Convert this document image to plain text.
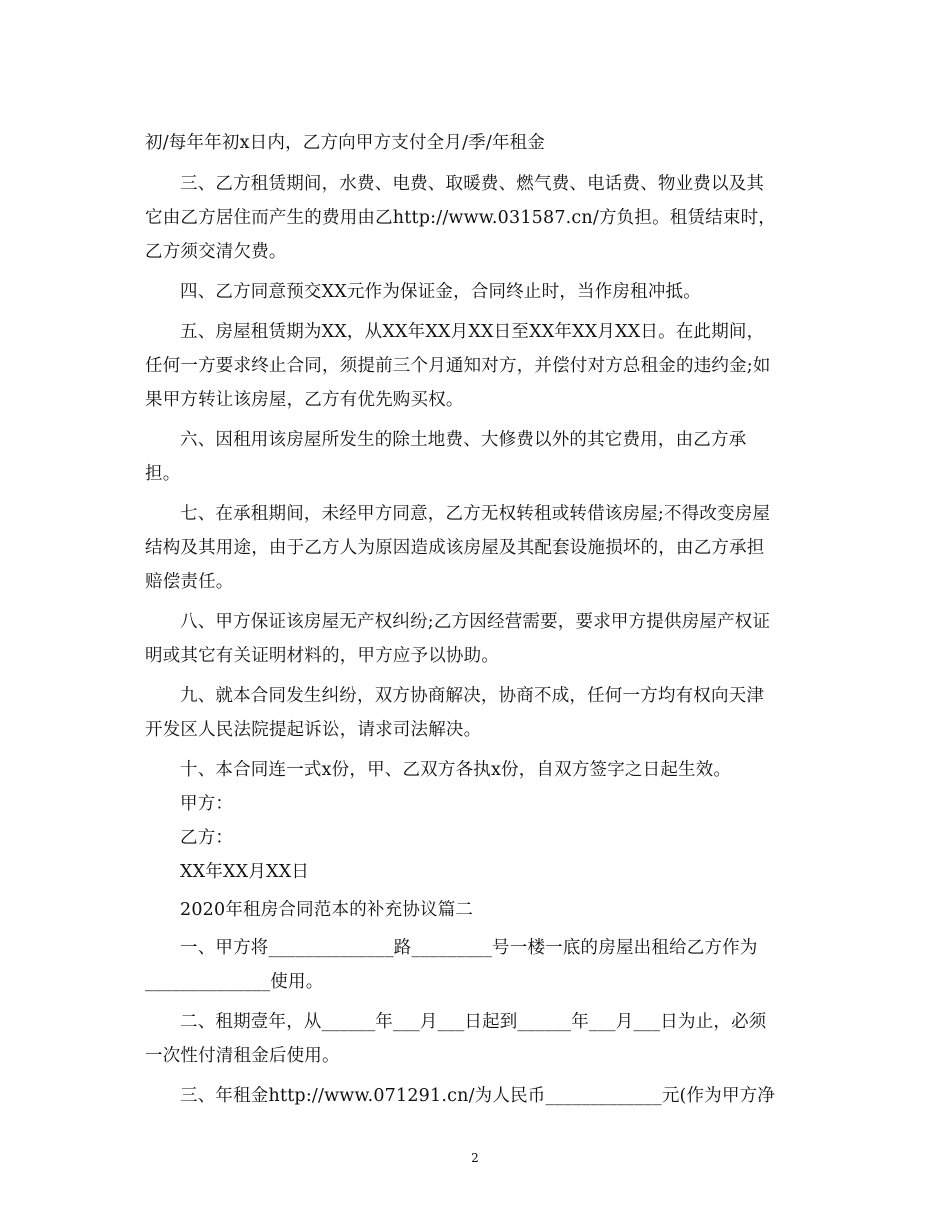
初/每年年初x日内，乙方向甲方支付全月/季/年租金
三、乙方租赁期间，水费、电费、取暖费、燃气费、电话费、物业费以及其
它由乙方居住而产生的费用由乙http://www.031587.cn/方负担。租赁结束时，
乙方须交清欠费。
四、乙方同意预交XX元作为保证金，合同终止时，当作房租冲抵。
五、房屋租赁期为XX，从XX年XX月XX日至XX年XX月XX日。在此期间，
任何一方要求终止合同，须提前三个月通知对方，并偿付对方总租金的违约金;如
果甲方转让该房屋，乙方有优先购买权。
六、因租用该房屋所发生的除土地费、大修费以外的其它费用，由乙方承
担。
七、在承租期间，未经甲方同意，乙方无权转租或转借该房屋;不得改变房屋
结构及其用途，由于乙方人为原因造成该房屋及其配套设施损坏的，由乙方承担
赔偿责任。
八、甲方保证该房屋无产权纠纷;乙方因经营需要，要求甲方提供房屋产权证
明或其它有关证明材料的，甲方应予以协助。
九、就本合同发生纠纷，双方协商解决，协商不成，任何一方均有权向天津
开发区人民法院提起诉讼，请求司法解决。
十、本合同连一式x份，甲、乙双方各执x份，自双方签字之日起生效。
甲方：
乙方：
XX年XX月XX日
2020年租房合同范本的补充协议篇二
一、甲方将______________路_________号一楼一底的房屋出租给乙方作为
______________使用。
二、租期壹年，从______年___月___日起到______年___月___日为止，必须
一次性付清租金后使用。
三、年租金http://www.071291.cn/为人民币_____________元(作为甲方净
2
